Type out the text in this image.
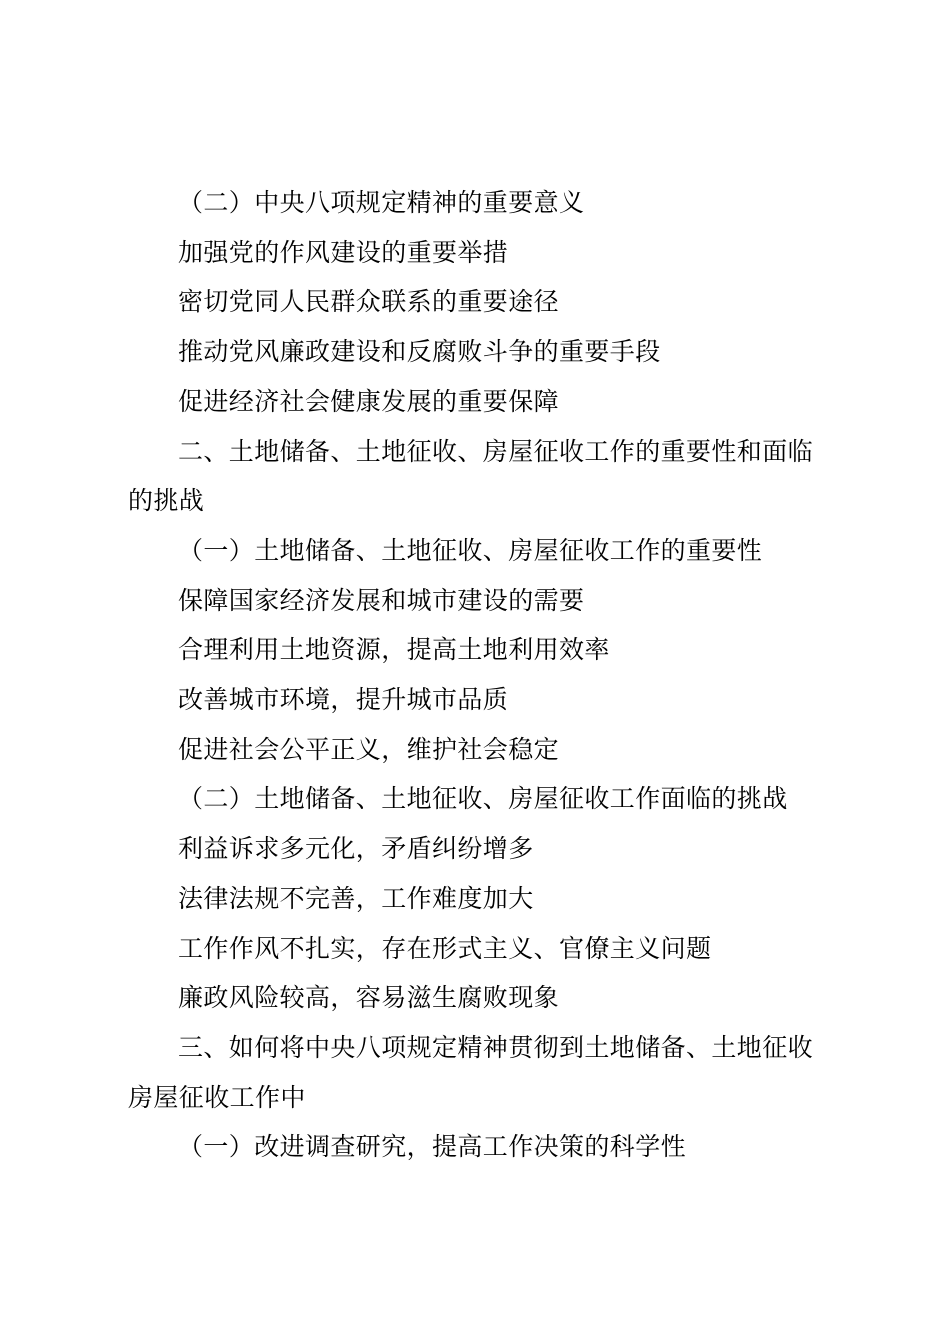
（二）中央八项规定精神的重要意义

加强党的作风建设的重要举措

密切党同人民群众联系的重要途径

推动党风廉政建设和反腐败斗争的重要手段

促进经济社会健康发展的重要保障

二、土地储备、土地征收、房屋征收工作的重要性和面临的挑战

（一）土地储备、土地征收、房屋征收工作的重要性

保障国家经济发展和城市建设的需要

合理利用土地资源，提高土地利用效率

改善城市环境，提升城市品质

促进社会公平正义，维护社会稳定

（二）土地储备、土地征收、房屋征收工作面临的挑战

利益诉求多元化，矛盾纠纷增多

法律法规不完善，工作难度加大

工作作风不扎实，存在形式主义、官僚主义问题

廉政风险较高，容易滋生腐败现象

三、如何将中央八项规定精神贯彻到土地储备、土地征收房屋征收工作中

（一）改进调查研究，提高工作决策的科学性
